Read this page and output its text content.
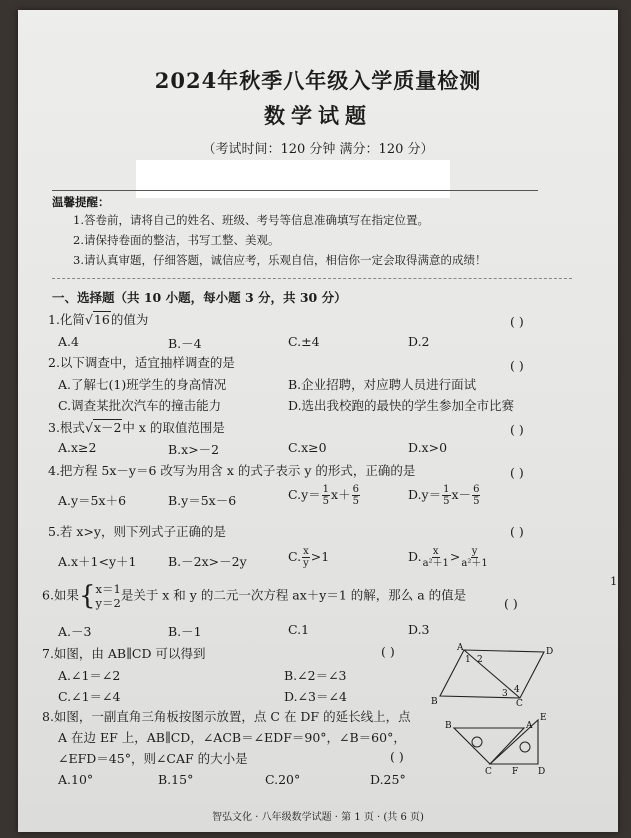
2024年秋季八年级入学质量检测
数学试题
（考试时间：120 分钟 满分：120 分）
温馨提醒：
1.答卷前，请将自己的姓名、班级、考号等信息准确填写在指定位置。
2.请保持卷面的整洁，书写工整、美观。
3.请认真审题，仔细答题，诚信应考，乐观自信，相信你一定会取得满意的成绩！
一、选择题（共 10 小题，每小题 3 分，共 30 分）
1.化简√16的值为	( )
A.4	B.－4	C.±4	D.2
2.以下调查中，适宜抽样调查的是	( )
A.了解七(1)班学生的身高情况	B.企业招聘，对应聘人员进行面试
C.调查某批次汽车的撞击能力	D.选出我校跑的最快的学生参加全市比赛
3.根式√x－2中 x 的取值范围是	( )
A.x≥2	B.x>－2	C.x≥0	D.x>0
4.把方程 5x－y＝6 改写为用含 x 的式子表示 y 的形式，正确的是	( )
A.y＝5x＋6	B.y＝5x－6	$C.y= \frac{1}{5} x+ \frac{6}{5}$	$D.y= \frac{1}{5} x- \frac{6}{5}$
5.若 x>y，则下列式子正确的是	( )
A.x＋1<y＋1	B.－2x>－2y	C. $\frac{x}{y} >1$	D. $\frac{x}{\text{a²＋1}} > \frac{y}{\text{a²＋1}}$
6.如果{ x＝1
y＝2
是关于 x 和 y 的二元一次方程 ax＋y＝1 的解，那么 a 的值是
( )
A.－3	B.－1	C.1	D.3
7.如图，由 AB∥CD 可以得到	( )
A.∠1＝∠2	B.∠2＝∠3
C.∠1＝∠4	D.∠3＝∠4
A	D
B	C
1 2
3 4
8.如图，一副直角三角板按图示放置，点 C 在 DF 的延长线上，点
A 在边 EF 上，AB∥CD，∠ACB＝∠EDF＝90°，∠B＝60°，
∠EFD＝45°，则∠CAF 的大小是	( )
A.10°	B.15°	C.20°	D.25°
B	A
E
C F D
智弘文化 · 八年级数学试题 · 第 1 页 · (共 6 页)
1
